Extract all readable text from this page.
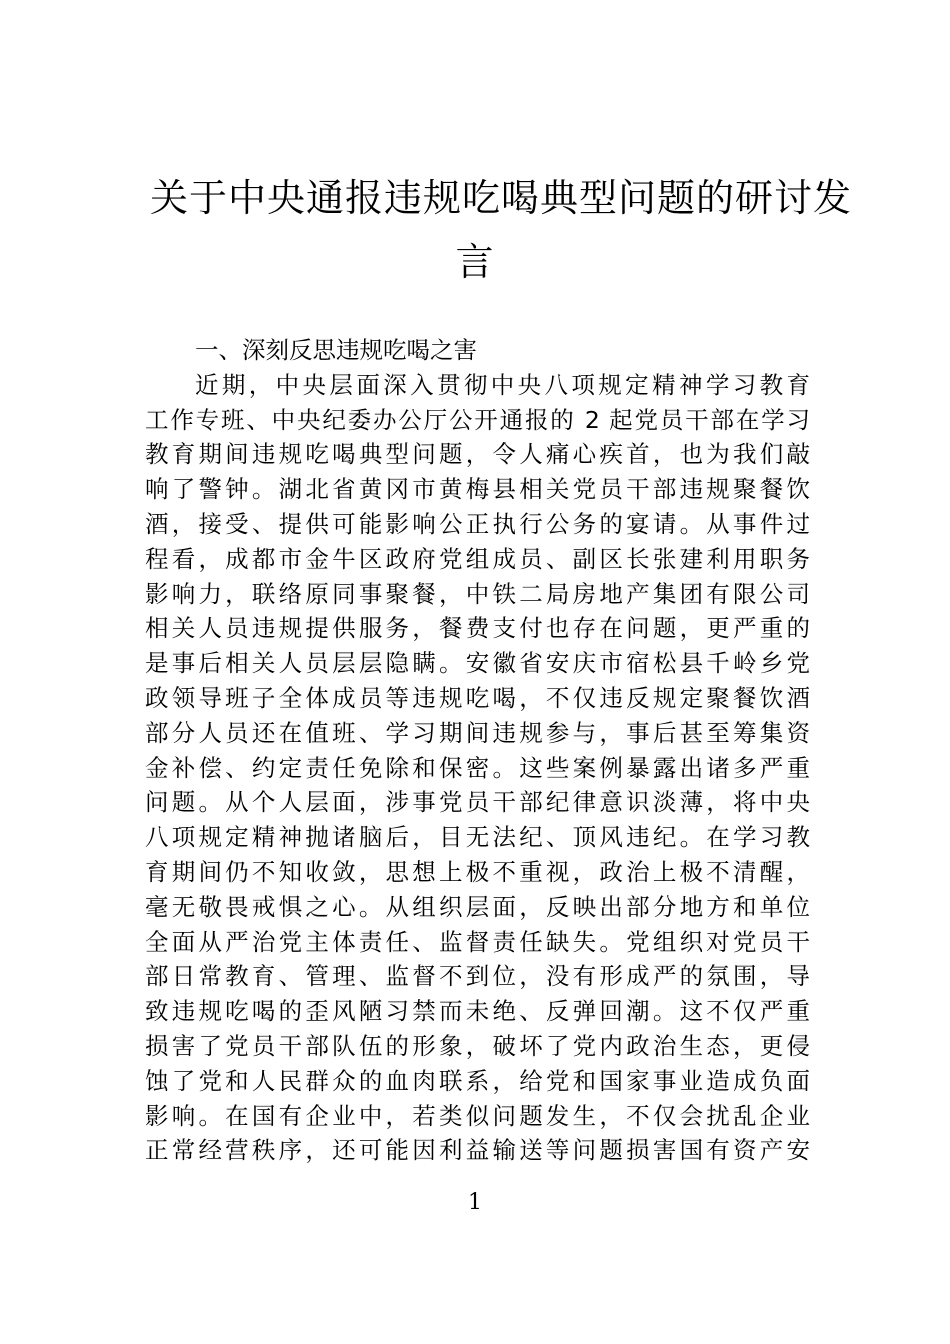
关于中央通报违规吃喝典型问题的研讨发
言

一、深刻反思违规吃喝之害

近期，中央层面深入贯彻中央八项规定精神学习教育
工作专班、中央纪委办公厅公开通报的 2 起党员干部在学习
教育期间违规吃喝典型问题，令人痛心疾首，也为我们敲
响了警钟。湖北省黄冈市黄梅县相关党员干部违规聚餐饮
酒，接受、提供可能影响公正执行公务的宴请。从事件过
程看，成都市金牛区政府党组成员、副区长张建利用职务
影响力，联络原同事聚餐，中铁二局房地产集团有限公司
相关人员违规提供服务，餐费支付也存在问题，更严重的
是事后相关人员层层隐瞒。安徽省安庆市宿松县千岭乡党
政领导班子全体成员等违规吃喝，不仅违反规定聚餐饮酒
部分人员还在值班、学习期间违规参与，事后甚至筹集资
金补偿、约定责任免除和保密。这些案例暴露出诸多严重
问题。从个人层面，涉事党员干部纪律意识淡薄，将中央
八项规定精神抛诸脑后，目无法纪、顶风违纪。在学习教
育期间仍不知收敛，思想上极不重视，政治上极不清醒，
毫无敬畏戒惧之心。从组织层面，反映出部分地方和单位
全面从严治党主体责任、监督责任缺失。党组织对党员干
部日常教育、管理、监督不到位，没有形成严的氛围，导
致违规吃喝的歪风陋习禁而未绝、反弹回潮。这不仅严重
损害了党员干部队伍的形象，破坏了党内政治生态，更侵
蚀了党和人民群众的血肉联系，给党和国家事业造成负面
影响。在国有企业中，若类似问题发生，不仅会扰乱企业
正常经营秩序，还可能因利益输送等问题损害国有资产安
1
